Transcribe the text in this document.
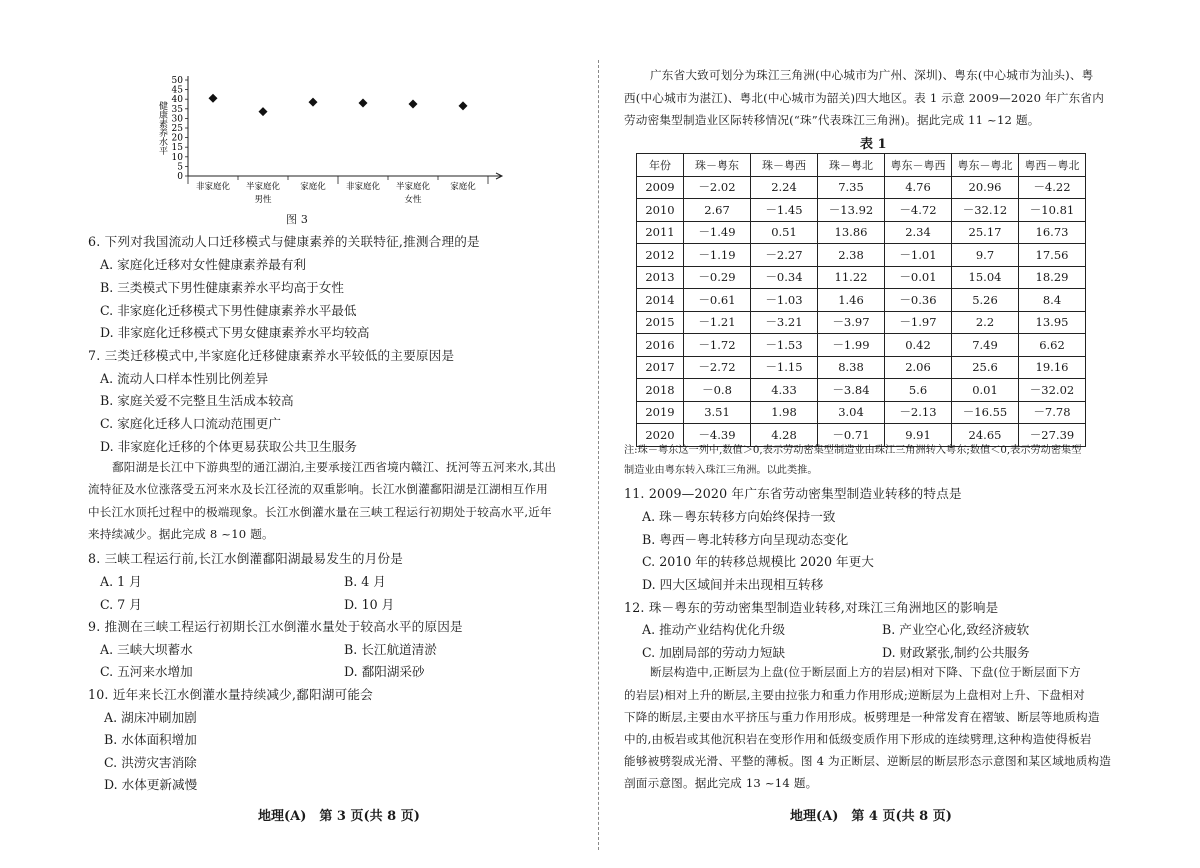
0
5
10
15
20
25
30
35
40
45
50
健康素养水平
非家庭化 半家庭化 家庭化 非家庭化 半家庭化 家庭化
男性	女性
图 3
6. 下列对我国流动人口迁移模式与健康素养的关联特征,推测合理的是
A. 家庭化迁移对女性健康素养最有利
B. 三类模式下男性健康素养水平均高于女性
C. 非家庭化迁移模式下男性健康素养水平最低
D. 非家庭化迁移模式下男女健康素养水平均较高
7. 三类迁移模式中,半家庭化迁移健康素养水平较低的主要原因是
A. 流动人口样本性别比例差异
B. 家庭关爱不完整且生活成本较高
C. 家庭化迁移人口流动范围更广
D. 非家庭化迁移的个体更易获取公共卫生服务
鄱阳湖是长江中下游典型的通江湖泊,主要承接江西省境内赣江、抚河等五河来水,其出
流特征及水位涨落受五河来水及长江径流的双重影响。长江水倒灌鄱阳湖是江湖相互作用
中长江水顶托过程中的极端现象。长江水倒灌水量在三峡工程运行初期处于较高水平,近年
来持续减少。据此完成 8 ~10 题。
8. 三峡工程运行前,长江水倒灌鄱阳湖最易发生的月份是
A. 1 月	B. 4 月
C. 7 月	D. 10 月
9. 推测在三峡工程运行初期长江水倒灌水量处于较高水平的原因是
A. 三峡大坝蓄水	B. 长江航道清淤
C. 五河来水增加	D. 鄱阳湖采砂
10. 近年来长江水倒灌水量持续减少,鄱阳湖可能会
A. 湖床冲刷加剧
B. 水体面积增加
C. 洪涝灾害消除
D. 水体更新减慢
地理(A)　第 3 页(共 8 页)
广东省大致可划分为珠江三角洲(中心城市为广州、深圳)、粤东(中心城市为汕头)、粤
西(中心城市为湛江)、粤北(中心城市为韶关)四大地区。表 1 示意 2009—2020 年广东省内
劳动密集型制造业区际转移情况(“珠”代表珠江三角洲)。据此完成 11 ~12 题。
表 1
年份	珠－粤东	珠－粤西	珠－粤北	粤东－粤西	粤东－粤北	粤西－粤北
2009	－2.02	2.24	7.35	4.76	20.96	－4.22
2010	2.67	－1.45	－13.92	－4.72	－32.12	－10.81
2011	－1.49	0.51	13.86	2.34	25.17	16.73
2012	－1.19	－2.27	2.38	－1.01	9.7	17.56
2013	－0.29	－0.34	11.22	－0.01	15.04	18.29
2014	－0.61	－1.03	1.46	－0.36	5.26	8.4
2015	－1.21	－3.21	－3.97	－1.97	2.2	13.95
2016	－1.72	－1.53	－1.99	0.42	7.49	6.62
2017	－2.72	－1.15	8.38	2.06	25.6	19.16
2018	－0.8	4.33	－3.84	5.6	0.01	－32.02
2019	3.51	1.98	3.04	－2.13	－16.55	－7.78
2020	－4.39	4.28	－0.71	9.91	24.65	－27.39
注:珠－粤东这一列中,数值＞0,表示劳动密集型制造业由珠江三角洲转入粤东;数值＜0,表示劳动密集型
制造业由粤东转入珠江三角洲。以此类推。
11. 2009—2020 年广东省劳动密集型制造业转移的特点是
A. 珠－粤东转移方向始终保持一致
B. 粤西－粤北转移方向呈现动态变化
C. 2010 年的转移总规模比 2020 年更大
D. 四大区域间并未出现相互转移
12. 珠－粤东的劳动密集型制造业转移,对珠江三角洲地区的影响是
A. 推动产业结构优化升级	B. 产业空心化,致经济疲软
C. 加剧局部的劳动力短缺	D. 财政紧张,制约公共服务
断层构造中,正断层为上盘(位于断层面上方的岩层)相对下降、下盘(位于断层面下方
的岩层)相对上升的断层,主要由拉张力和重力作用形成;逆断层为上盘相对上升、下盘相对
下降的断层,主要由水平挤压与重力作用形成。板劈理是一种常发育在褶皱、断层等地质构造
中的,由板岩或其他沉积岩在变形作用和低级变质作用下形成的连续劈理,这种构造使得板岩
能够被劈裂成光滑、平整的薄板。图 4 为正断层、逆断层的断层形态示意图和某区域地质构造
剖面示意图。据此完成 13 ~14 题。
地理(A)　第 4 页(共 8 页)
